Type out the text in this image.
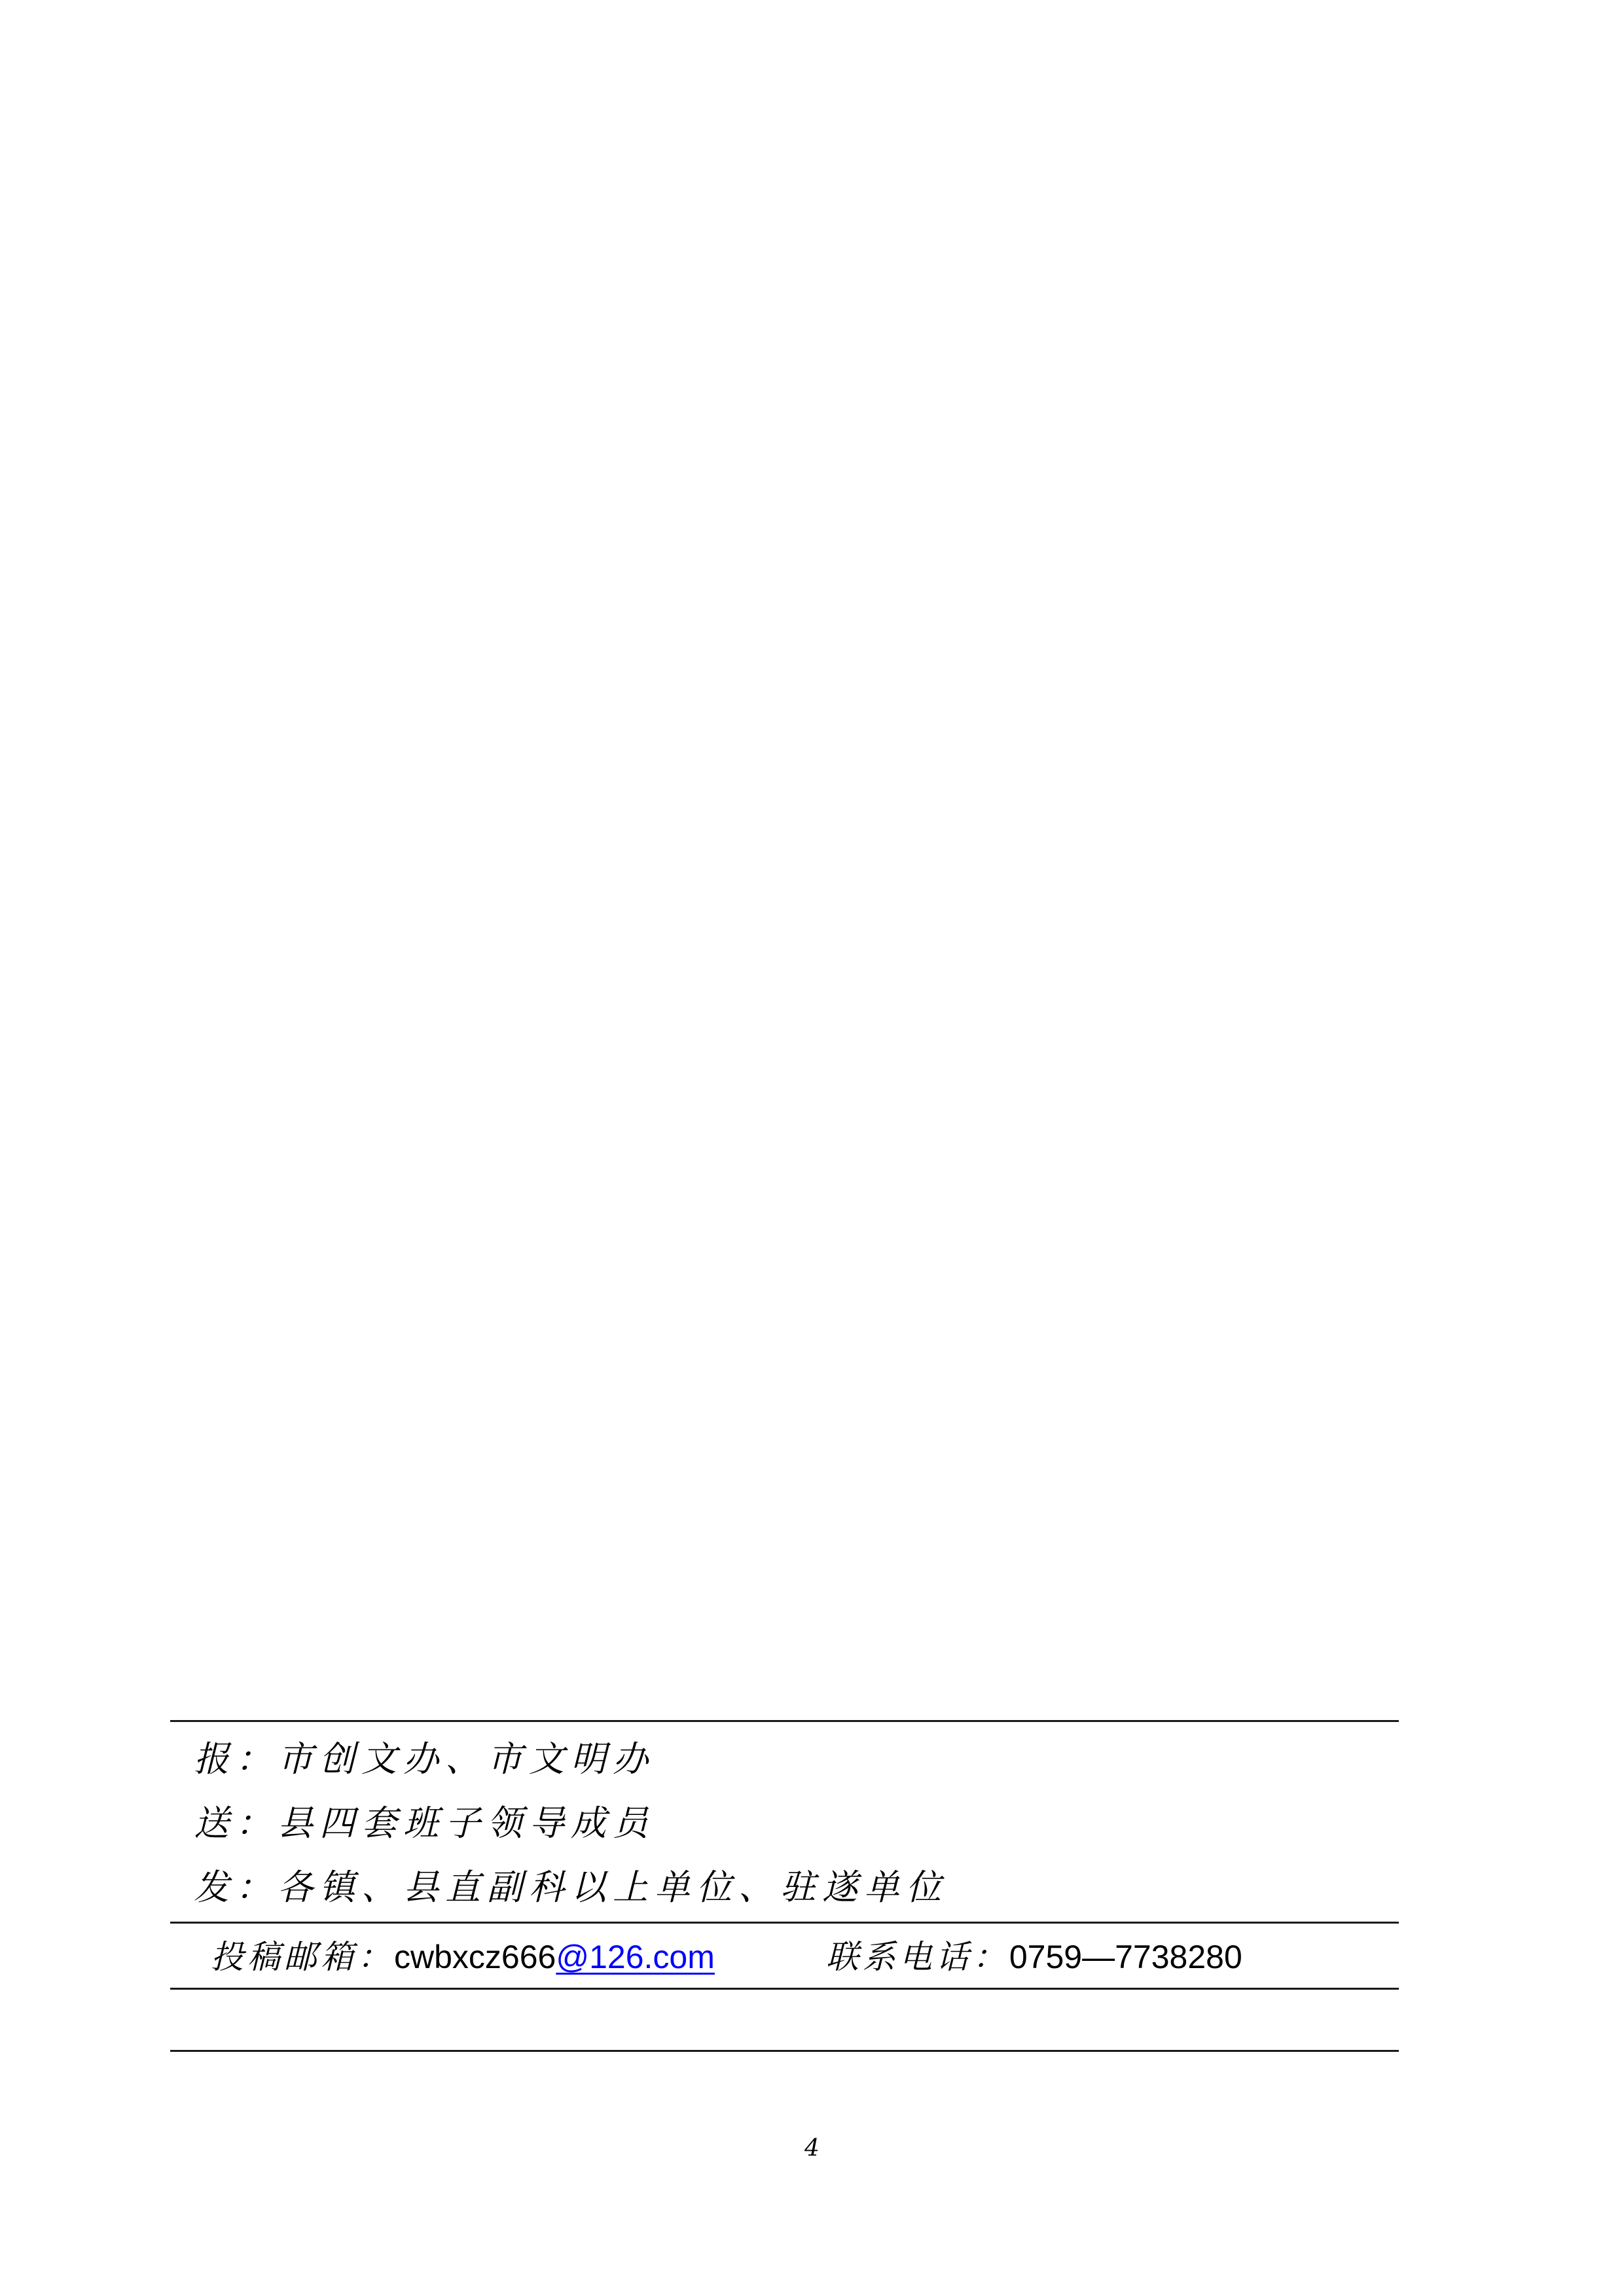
报：市创文办、市文明办
送：县四套班子领导成员
发：各镇、县直副科以上单位、驻遂单位
投稿邮箱：cwbxcz666@126.com	联系电话：0759—7738280
4
